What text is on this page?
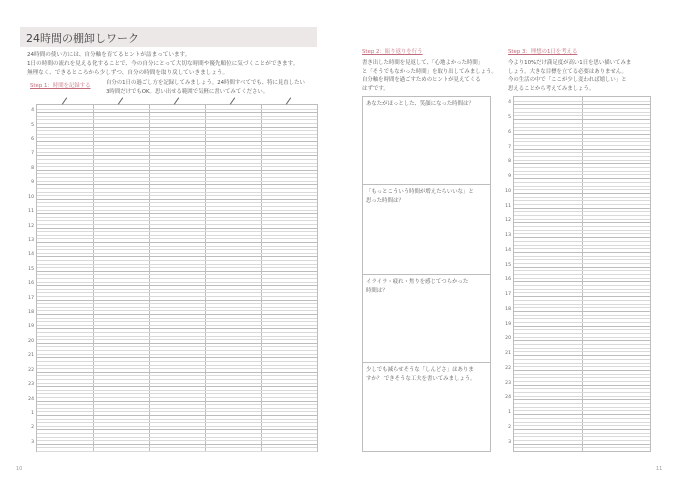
24時間の棚卸しワーク
24時間の使い方には、自分軸を育てるヒントが詰まっています。
1日の時間の流れを見える化することで、今の自分にとって大切な時間や優先順位に気づくことができます。
無理なく、できるところから少しずつ、自分の時間を取り戻していきましょう。
Step 1：時間を記録する	自分の1日の過ごし方を記録してみましょう。24時間すべてでも、特に見直したい
3時間だけでもOK。思い出せる範囲で気軽に書いてみてください。
4
5
6
7
8
9
10
11
12
13
14
15
16
17
18
19
20
21
22
23
24
1
2
3
10
Step 2：振り返りを行う
書き出した時間を見返して、「心地よかった時間」
と「そうでもなかった時間」を取り出してみましょう。
自分軸を時間を過ごすためのヒントが見えてくる
はずです。
あなたがほっとした、笑顔になった時間は？
「もっとこういう時間が増えたらいいな」と
思った時間は？
イライラ・疲れ・焦りを感じてつらかった
時間は？
少しでも減らせそうな「しんどさ」はありま
すか？ できそうな工夫を書いてみましょう。
Step 3：理想の1日を考える
今より10%だけ満足度が高い1日を思い描いてみま
しょう。大きな目標を立てる必要はありません。
今の生活の中で「ここが少し変われば嬉しい」と
思えることから考えてみましょう。
4
5
6
7
8
9
10
11
12
13
14
15
16
17
18
19
20
21
22
23
24
1
2
3
11
